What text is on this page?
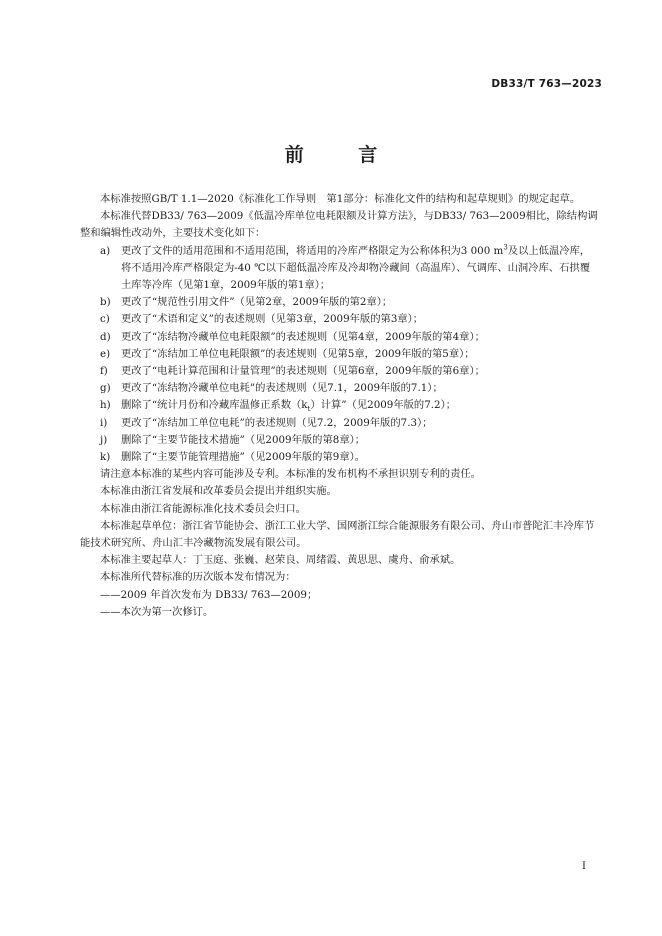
DB33/T 763—2023
前 言

本标准按照GB/T 1.1—2020《标准化工作导则　第1部分：标准化文件的结构和起草规则》的规定起草。

本标准代替DB33/ 763—2009《低温冷库单位电耗限额及计算方法》，与DB33/ 763—2009相比，除结构调整和编辑性改动外，主要技术变化如下：

a) 更改了文件的适用范围和不适用范围，将适用的冷库严格限定为公称体积为3 000 $m^3$及以上低温冷库，将不适用冷库严格限定为-40 ℃以下超低温冷库及冷却物冷藏间（高温库）、气调库、山洞冷库、石拱覆土库等冷库（见第1章，2009年版的第1章）；

b) 更改了“规范性引用文件”（见第2章，2009年版的第2章）；

c) 更改了“术语和定义”的表述规则（见第3章，2009年版的第3章）；

d) 更改了“冻结物冷藏单位电耗限额”的表述规则（见第4章，2009年版的第4章）；

e) 更改了“冻结加工单位电耗限额”的表述规则（见第5章，2009年版的第5章）；

f) 更改了“电耗计算范围和计量管理”的表述规则（见第6章，2009年版的第6章）；

g) 更改了“冻结物冷藏单位电耗”的表述规则（见7.1，2009年版的7.1）；

h) 删除了“统计月份和冷藏库温修正系数$(k_t)$计算”（见2009年版的7.2）；

i) 更改了“冻结加工单位电耗”的表述规则（见7.2，2009年版的7.3）；

j) 删除了“主要节能技术措施”（见2009年版的第8章）；

k) 删除了“主要节能管理措施”（见2009年版的第9章）。

请注意本标准的某些内容可能涉及专利。本标准的发布机构不承担识别专利的责任。

本标准由浙江省发展和改革委员会提出并组织实施。

本标准由浙江省能源标准化技术委员会归口。

本标准起草单位：浙江省节能协会、浙江工业大学、国网浙江综合能源服务有限公司、舟山市普陀汇丰冷库节能技术研究所、舟山汇丰冷藏物流发展有限公司。

本标准主要起草人：丁玉庭、张巍、赵荣良、周绪霞、黄思思、虞舟、俞承斌。

本标准所代替标准的历次版本发布情况为：

——2009 年首次发布为 DB33/ 763—2009；

——本次为第一次修订。

I
